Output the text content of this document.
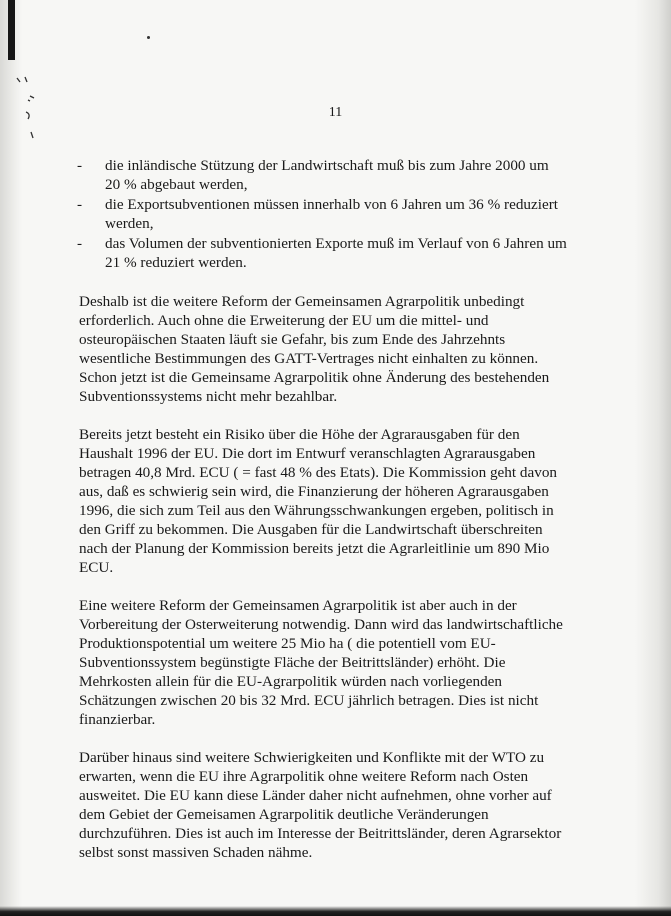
11
- die inländische Stützung der Landwirtschaft muß bis zum Jahre 2000 um 20 % abgebaut werden,
- die Exportsubventionen müssen innerhalb von 6 Jahren um 36 % reduziert werden,
- das Volumen der subventionierten Exporte muß im Verlauf von 6 Jahren um 21 % reduziert werden.

Deshalb ist die weitere Reform der Gemeinsamen Agrarpolitik unbedingt erforderlich. Auch ohne die Erweiterung der EU um die mittel- und osteuropäischen Staaten läuft sie Gefahr, bis zum Ende des Jahrzehnts wesentliche Bestimmungen des GATT-Vertrages nicht einhalten zu können. Schon jetzt ist die Gemeinsame Agrarpolitik ohne Änderung des bestehenden Subventionssystems nicht mehr bezahlbar.

Bereits jetzt besteht ein Risiko über die Höhe der Agrarausgaben für den Haushalt 1996 der EU. Die dort im Entwurf veranschlagten Agrarausgaben betragen 40,8 Mrd. ECU ( = fast 48 % des Etats). Die Kommission geht davon aus, daß es schwierig sein wird, die Finanzierung der höheren Agrarausgaben 1996, die sich zum Teil aus den Währungsschwankungen ergeben, politisch in den Griff zu bekommen. Die Ausgaben für die Landwirtschaft überschreiten nach der Planung der Kommission bereits jetzt die Agrarleitlinie um 890 Mio ECU.

Eine weitere Reform der Gemeinsamen Agrarpolitik ist aber auch in der Vorbereitung der Osterweiterung notwendig. Dann wird das landwirtschaftliche Produktionspotential um weitere 25 Mio ha ( die potentiell vom EU-Subventionssystem begünstigte Fläche der Beitrittsländer) erhöht. Die Mehrkosten allein für die EU-Agrarpolitik würden nach vorliegenden Schätzungen zwischen 20 bis 32 Mrd. ECU jährlich betragen. Dies ist nicht finanzierbar.

Darüber hinaus sind weitere Schwierigkeiten und Konflikte mit der WTO zu erwarten, wenn die EU ihre Agrarpolitik ohne weitere Reform nach Osten ausweitet. Die EU kann diese Länder daher nicht aufnehmen, ohne vorher auf dem Gebiet der Gemeisamen Agrarpolitik deutliche Veränderungen durchzuführen. Dies ist auch im Interesse der Beitrittsländer, deren Agrarsektor selbst sonst massiven Schaden nähme.
